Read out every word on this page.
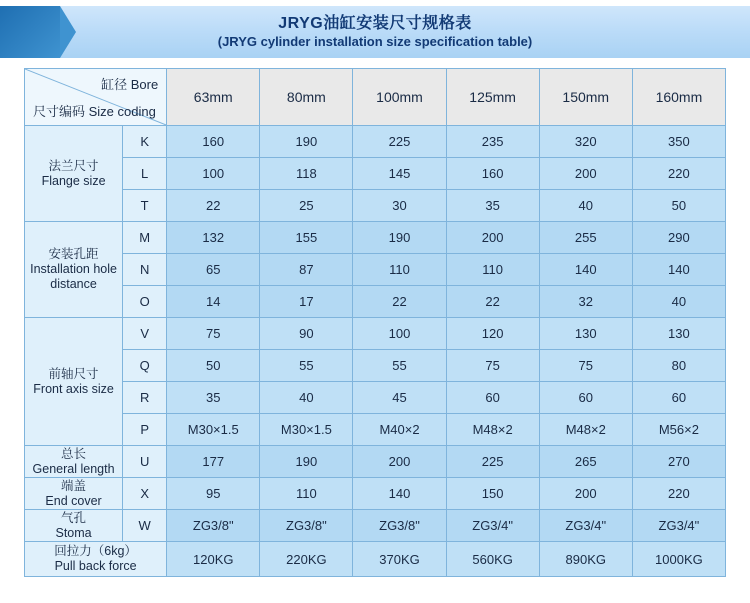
JRYG油缸安装尺寸规格表
(JRYG cylinder installation size specification table)
缸径 Bore
尺寸编码 Size coding		63mm	80mm	100mm	125mm	150mm	160mm

法兰尺寸
Flange size	K	160	190	225	235	320	350
	L	100	118	145	160	200	220
	T	22	25	30	35	40	50

安装孔距
Installation hole distance	M	132	155	190	200	255	290
	N	65	87	110	110	140	140
	O	14	17	22	22	32	40

前轴尺寸
Front axis size	V	75	90	100	120	130	130
	Q	50	55	55	75	75	80
	R	35	40	45	60	60	60
	P	M30×1.5	M30×1.5	M40×2	M48×2	M48×2	M56×2

总长
General length	U	177	190	200	225	265	270

端盖
End cover	X	95	110	140	150	200	220

气孔
Stoma	W	ZG3/8"	ZG3/8"	ZG3/8"	ZG3/4"	ZG3/4"	ZG3/4"

回拉力（6kg）
Pull back force		120KG	220KG	370KG	560KG	890KG	1000KG
